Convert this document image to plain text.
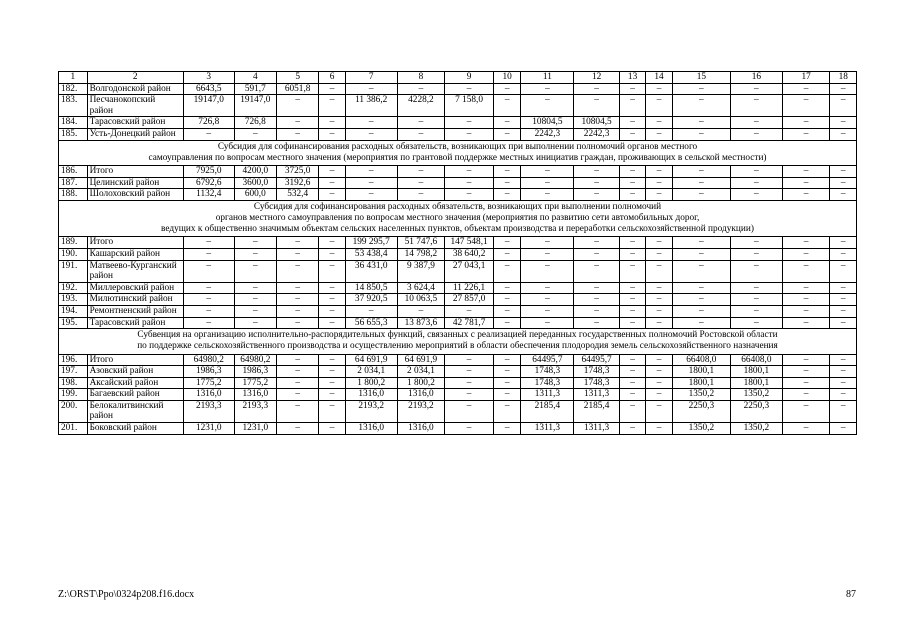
1	2	3	4	5	6	7	8	9	10	11	12	13	14	15	16	17	18
182.	Волгодонской район	6643,5	591,7	6051,8	–	–	–	–	–	–	–	–	–	–	–	–	–
183.	Песчанокопский район	19147,0	19147,0	–	–	11 386,2	4228,2	7 158,0	–	–	–	–	–	–	–	–	–
184.	Тарасовский район	726,8	726,8	–	–	–	–	–	–	10804,5	10804,5	–	–	–	–	–	–
185.	Усть-Донецкий район	–	–	–	–	–	–	–	–	2242,3	2242,3	–	–	–	–	–	–

Субсидия для софинансирования расходных обязательств, возникающих при выполнении полномочий органов местного
самоуправления по вопросам местного значения (мероприятия по грантовой поддержке местных инициатив граждан, проживающих в сельской местности)																	

186.	Итого	7925,0	4200,0	3725,0	–	–	–	–	–	–	–	–	–	–	–	–	–
187.	Целинский район	6792,6	3600,0	3192,6	–	–	–	–	–	–	–	–	–	–	–	–	–
188.	Шолоховский район	1132,4	600,0	532,4	–	–	–	–	–	–	–	–	–	–	–	–	–

Субсидия для софинансирования расходных обязательств, возникающих при выполнении полномочий
органов местного самоуправления по вопросам местного значения (мероприятия по развитию сети автомобильных дорог,
ведущих к общественно значимым объектам сельских населенных пунктов, объектам производства и переработки сельскохозяйственной продукции)																	

189.	Итого	–	–	–	–	199 295,7	51 747,6	147 548,1	–	–	–	–	–	–	–	–	–
190.	Кашарский район	–	–	–	–	53 438,4	14 798,2	38 640,2	–	–	–	–	–	–	–	–	–
191.	Матвеево-Курганский район	–	–	–	–	36 431,0	9 387,9	27 043,1	–	–	–	–	–	–	–	–	–
192.	Миллеровский район	–	–	–	–	14 850,5	3 624,4	11 226,1	–	–	–	–	–	–	–	–	–
193.	Милютинский район	–	–	–	–	37 920,5	10 063,5	27 857,0	–	–	–	–	–	–	–	–	–
194.	Ремонтненский район	–	–	–	–	–	–	–	–	–	–	–	–	–	–	–	–
195.	Тарасовский район	–	–	–	–	56 655,3	13 873,6	42 781,7	–	–	–	–	–	–	–	–	–

Субвенция на организацию исполнительно-распорядительных функций, связанных с реализацией переданных государственных полномочий Ростовской области
по поддержке сельскохозяйственного производства и осуществлению мероприятий в области обеспечения плодородия земель сельскохозяйственного назначения																	

196.	Итого	64980,2	64980,2	–	–	64 691,9	64 691,9	–	–	64495,7	64495,7	–	–	66408,0	66408,0	–	–
197.	Азовский район	1986,3	1986,3	–	–	2 034,1	2 034,1	–	–	1748,3	1748,3	–	–	1800,1	1800,1	–	–
198.	Аксайский район	1775,2	1775,2	–	–	1 800,2	1 800,2	–	–	1748,3	1748,3	–	–	1800,1	1800,1	–	–
199.	Багаевский район	1316,0	1316,0	–	–	1316,0	1316,0	–	–	1311,3	1311,3	–	–	1350,2	1350,2	–	–
200.	Белокалитвинский район	2193,3	2193,3	–	–	2193,2	2193,2	–	–	2185,4	2185,4	–	–	2250,3	2250,3	–	–
201.	Боковский район	1231,0	1231,0	–	–	1316,0	1316,0	–	–	1311,3	1311,3	–	–	1350,2	1350,2	–	–
Z:\ORST\Ppo\0324p208.f16.docx	87
